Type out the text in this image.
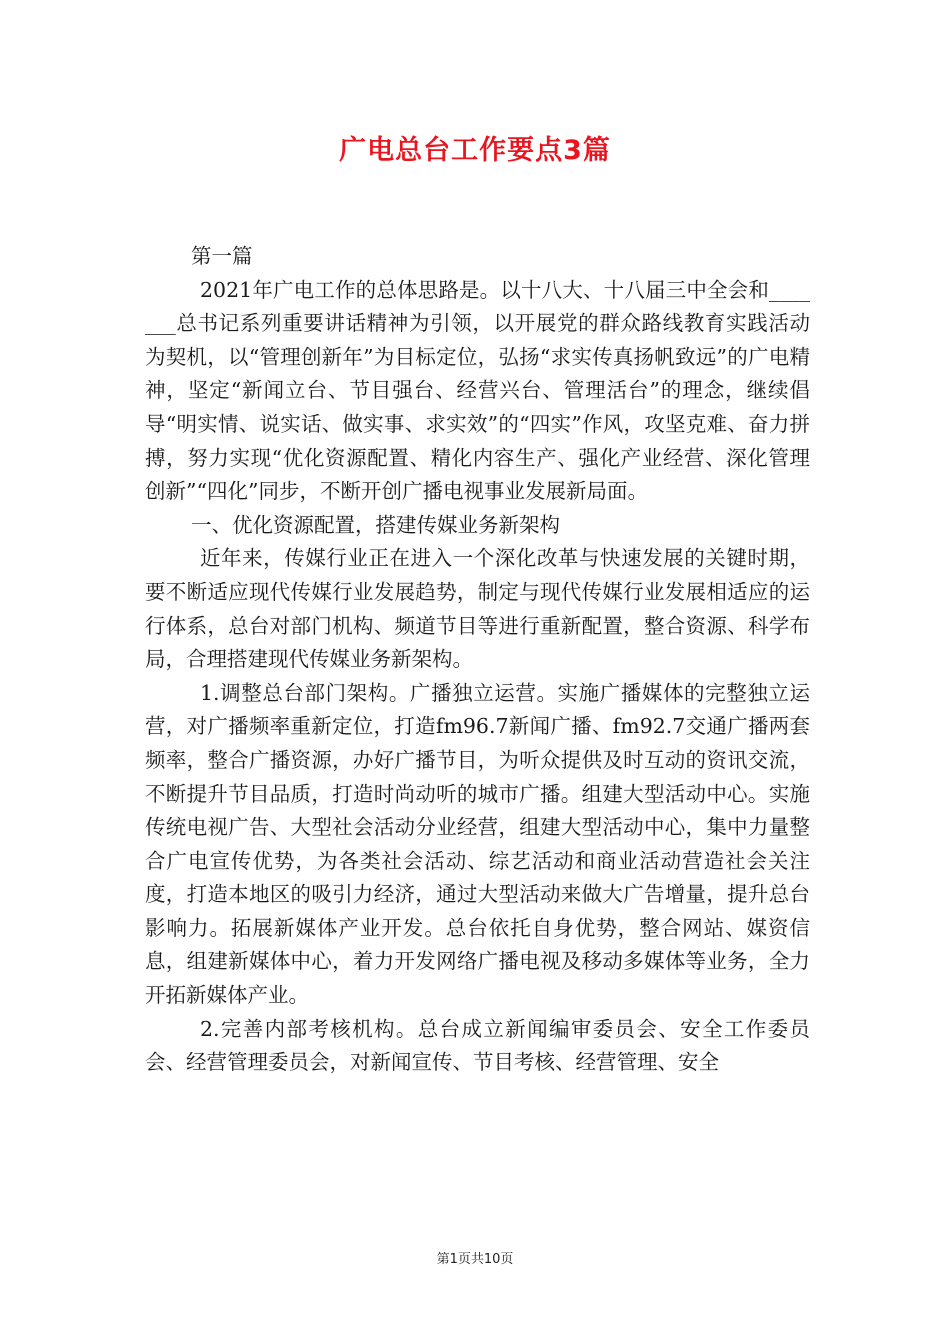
广电总台工作要点3篇

第一篇

2021年广电工作的总体思路是。以十八大、十八届三中全会和_______总书记系列重要讲话精神为引领，以开展党的群众路线教育实践活动为契机，以“管理创新年”为目标定位，弘扬“求实传真扬帆致远”的广电精神，坚定“新闻立台、节目强台、经营兴台、管理活台”的理念，继续倡导“明实情、说实话、做实事、求实效”的“四实”作风，攻坚克难、奋力拼搏，努力实现“优化资源配置、精化内容生产、强化产业经营、深化管理创新”“四化”同步，不断开创广播电视事业发展新局面。

一、优化资源配置，搭建传媒业务新架构

近年来，传媒行业正在进入一个深化改革与快速发展的关键时期，要不断适应现代传媒行业发展趋势，制定与现代传媒行业发展相适应的运行体系，总台对部门机构、频道节目等进行重新配置，整合资源、科学布局，合理搭建现代传媒业务新架构。

1.调整总台部门架构。广播独立运营。实施广播媒体的完整独立运营，对广播频率重新定位，打造fm96.7新闻广播、fm92.7交通广播两套频率，整合广播资源，办好广播节目，为听众提供及时互动的资讯交流，不断提升节目品质，打造时尚动听的城市广播。组建大型活动中心。实施传统电视广告、大型社会活动分业经营，组建大型活动中心，集中力量整合广电宣传优势，为各类社会活动、综艺活动和商业活动营造社会关注度，打造本地区的吸引力经济，通过大型活动来做大广告增量，提升总台影响力。拓展新媒体产业开发。总台依托自身优势，整合网站、媒资信息，组建新媒体中心，着力开发网络广播电视及移动多媒体等业务，全力开拓新媒体产业。

2.完善内部考核机构。总台成立新闻编审委员会、安全工作委员会、经营管理委员会，对新闻宣传、节目考核、经营管理、安全

第1页共10页
